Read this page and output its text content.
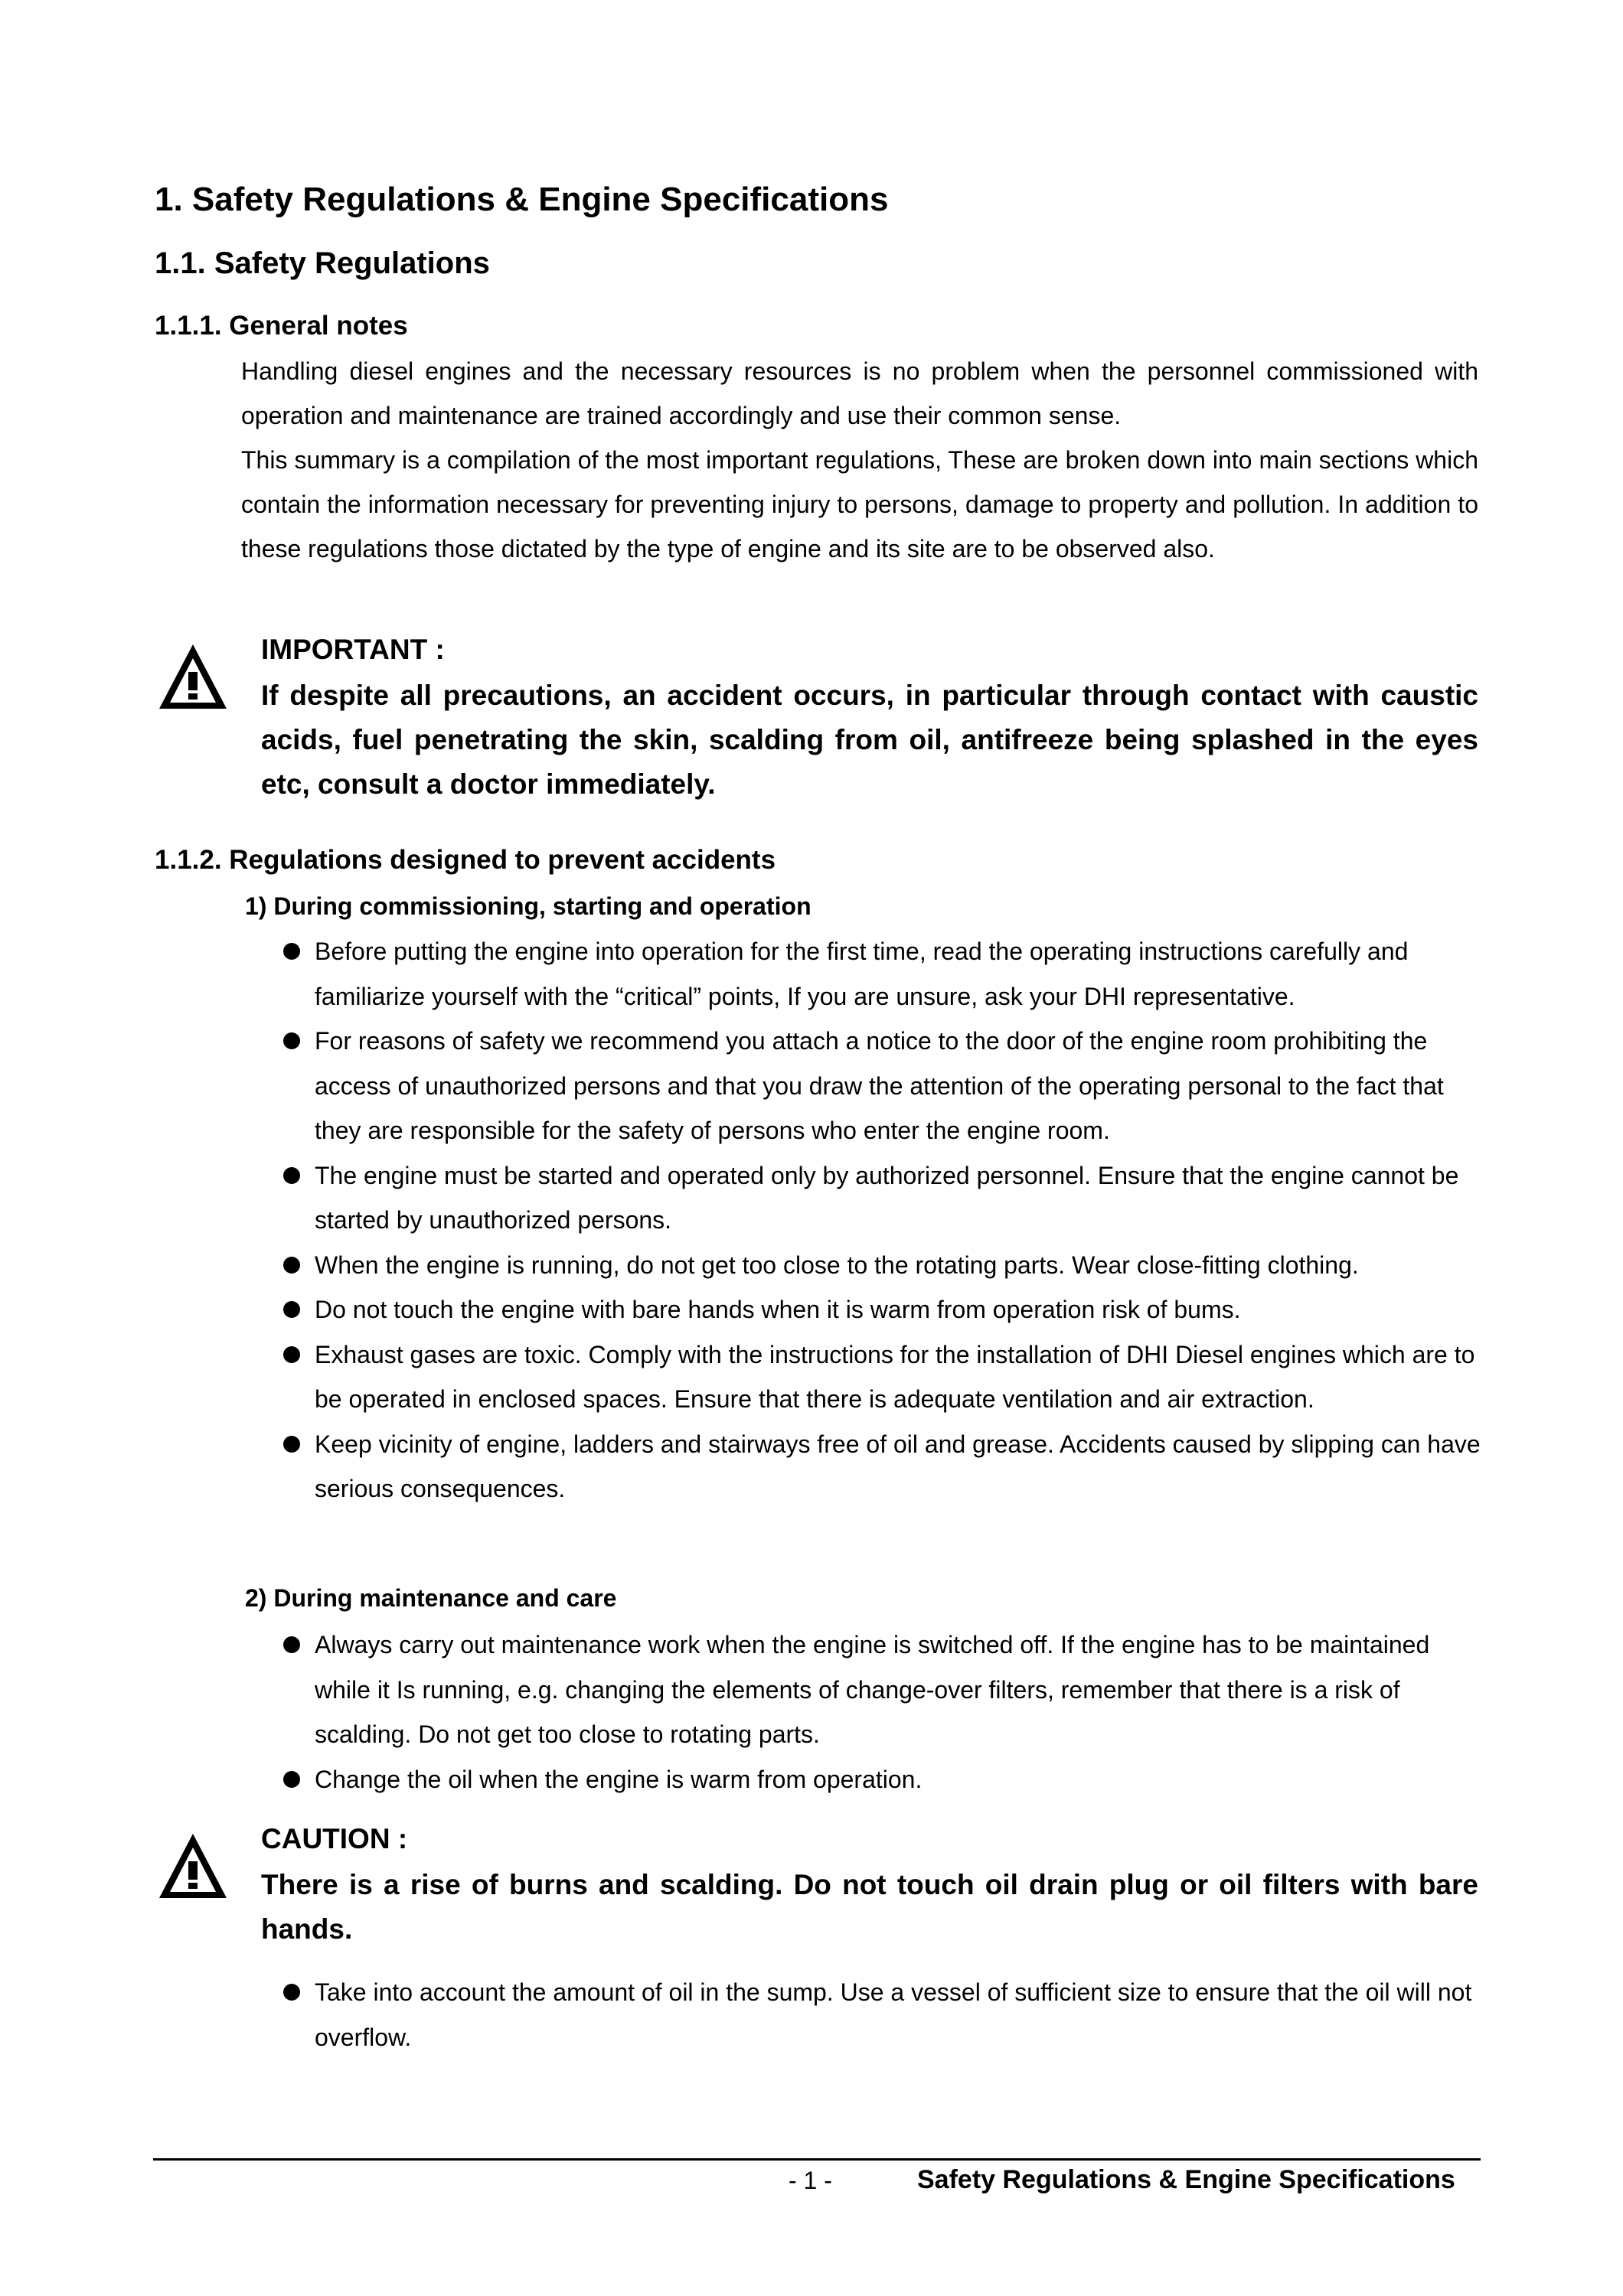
1. Safety Regulations & Engine Specifications
1.1. Safety Regulations
1.1.1. General notes
Handling diesel engines and the necessary resources is no problem when the personnel commissioned with operation and maintenance are trained accordingly and use their common sense.
This summary is a compilation of the most important regulations, These are broken down into main sections which contain the information necessary for preventing injury to persons, damage to property and pollution. In addition to these regulations those dictated by the type of engine and its site are to be observed also.
IMPORTANT :
If despite all precautions, an accident occurs, in particular through contact with caustic acids, fuel penetrating the skin, scalding from oil, antifreeze being splashed in the eyes etc, consult a doctor immediately.
1.1.2. Regulations designed to prevent accidents
1) During commissioning, starting and operation
Before putting the engine into operation for the first time, read the operating instructions carefully and familiarize yourself with the “critical” points, If you are unsure, ask your DHI representative.
For reasons of safety we recommend you attach a notice to the door of the engine room prohibiting the access of unauthorized persons and that you draw the attention of the operating personal to the fact that they are responsible for the safety of persons who enter the engine room.
The engine must be started and operated only by authorized personnel. Ensure that the engine cannot be started by unauthorized persons.
When the engine is running, do not get too close to the rotating parts. Wear close-fitting clothing.
Do not touch the engine with bare hands when it is warm from operation risk of bums.
Exhaust gases are toxic. Comply with the instructions for the installation of DHI Diesel engines which are to be operated in enclosed spaces. Ensure that there is adequate ventilation and air extraction.
Keep vicinity of engine, ladders and stairways free of oil and grease. Accidents caused by slipping can have serious consequences.
2) During maintenance and care
Always carry out maintenance work when the engine is switched off. If the engine has to be maintained while it Is running, e.g. changing the elements of change-over filters, remember that there is a risk of scalding. Do not get too close to rotating parts.
Change the oil when the engine is warm from operation.
CAUTION :
There is a rise of burns and scalding. Do not touch oil drain plug or oil filters with bare hands.
Take into account the amount of oil in the sump. Use a vessel of sufficient size to ensure that the oil will not overflow.
- 1 -	Safety Regulations & Engine Specifications
